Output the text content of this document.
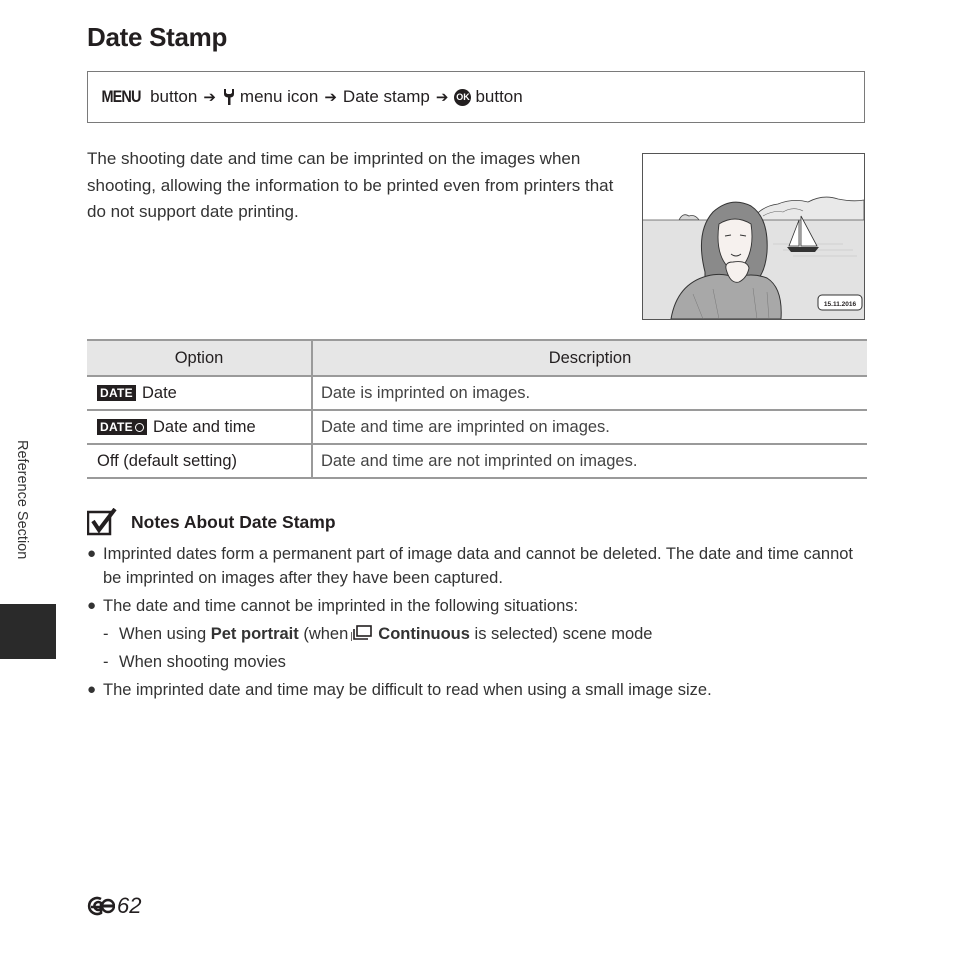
Date Stamp
MENU button ➔ menu icon ➔ Date stamp ➔ OK button
The shooting date and time can be imprinted on the images when shooting, allowing the information to be printed even from printers that do not support date printing.
15.11.2016
Option	Description
DATE Date	Date is imprinted on images.
DATE Date and time	Date and time are imprinted on images.
Off (default setting)	Date and time are not imprinted on images.
Notes About Date Stamp
● Imprinted dates form a permanent part of image data and cannot be deleted. The date and time cannot be imprinted on images after they have been captured.
● The date and time cannot be imprinted in the following situations:
- When using Pet portrait (when Continuous is selected) scene mode
- When shooting movies
● The imprinted date and time may be difficult to read when using a small image size.
Reference Section
62
